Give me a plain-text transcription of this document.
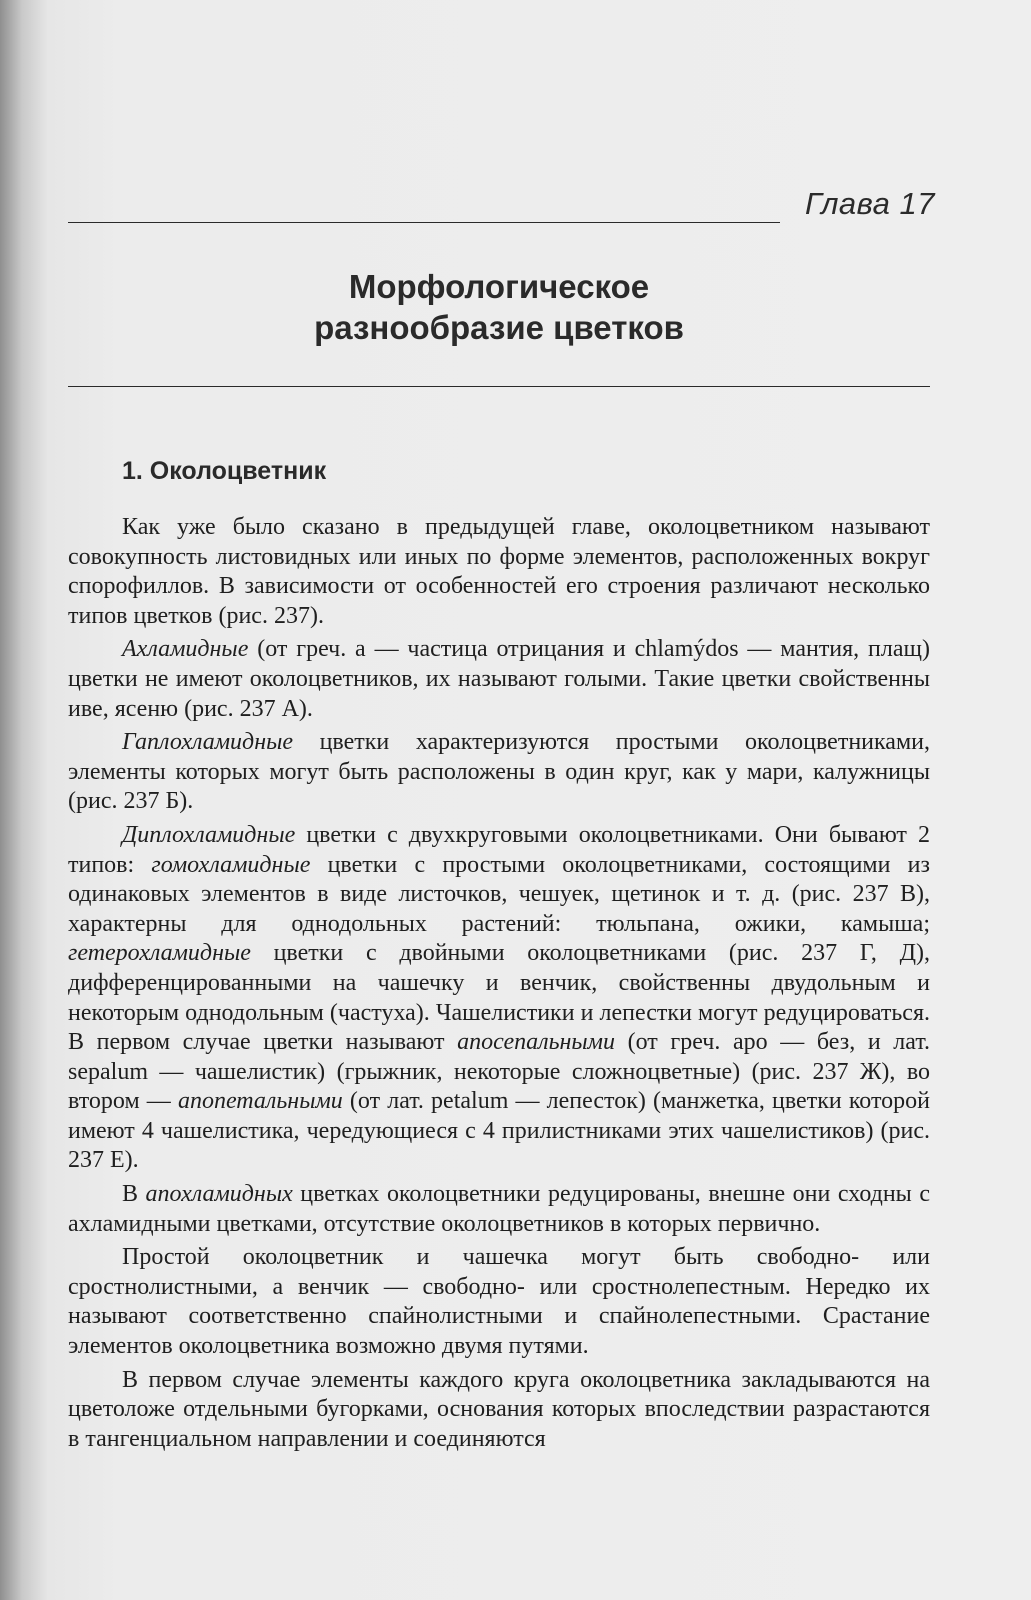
Глава 17
Морфологическое
разнообразие цветков
1. Околоцветник

Как уже было сказано в предыдущей главе, околоцветником называют совокупность листовидных или иных по форме элементов, расположенных вокруг спорофиллов. В зависимости от особенностей его строения различают несколько типов цветков (рис. 237).

Ахламидные (от греч. а — частица отрицания и chlamýdos — мантия, плащ) цветки не имеют околоцветников, их называют голыми. Такие цветки свойственны иве, ясеню (рис. 237 А).

Гаплохламидные цветки характеризуются простыми околоцветниками, элементы которых могут быть расположены в один круг, как у мари, калужницы (рис. 237 Б).

Диплохламидные цветки с двухкруговыми околоцветниками. Они бывают 2 типов: гомохламидные цветки с простыми околоцветниками, состоящими из одинаковых элементов в виде листочков, чешуек, щетинок и т. д. (рис. 237 В), характерны для однодольных растений: тюльпана, ожики, камыша; гетерохламидные цветки с двойными околоцветниками (рис. 237 Г, Д), дифференцированными на чашечку и венчик, свойственны двудольным и некоторым однодольным (частуха). Чашелистики и лепестки могут редуцироваться. В первом случае цветки называют апосепальными (от греч. apo — без, и лат. sepalum — чашелистик) (грыжник, некоторые сложноцветные) (рис. 237 Ж), во втором — апопетальными (от лат. petalum — лепесток) (манжетка, цветки которой имеют 4 чашелистика, чередующиеся с 4 прилистниками этих чашелистиков) (рис. 237 Е).

В апохламидных цветках околоцветники редуцированы, внешне они сходны с ахламидными цветками, отсутствие околоцветников в которых первично.

Простой околоцветник и чашечка могут быть свободно- или сростнолистными, а венчик — свободно- или сростнолепестным. Нередко их называют соответственно спайнолистными и спайнолепестными. Срастание элементов околоцветника возможно двумя путями.

В первом случае элементы каждого круга околоцветника закладываются на цветоложе отдельными бугорками, основания которых впоследствии разрастаются в тангенциальном направлении и соединяются
